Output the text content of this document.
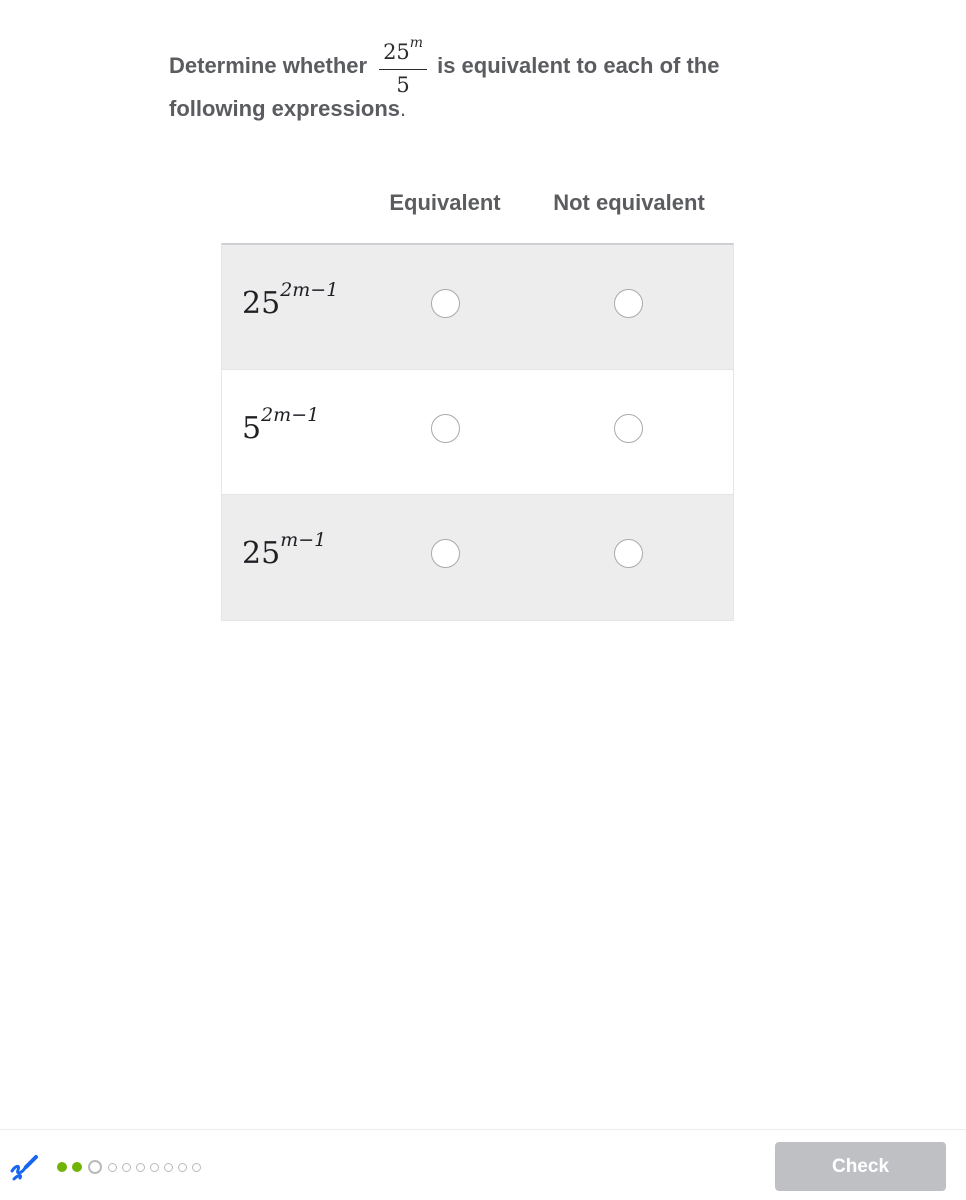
Determine whether $\frac{25^m}{5}$ is equivalent to each of the
following expressions.
Equivalent	Not equivalent
$25^{2m-1}$
$5^{2m-1}$
$25^{m-1}$
Check
